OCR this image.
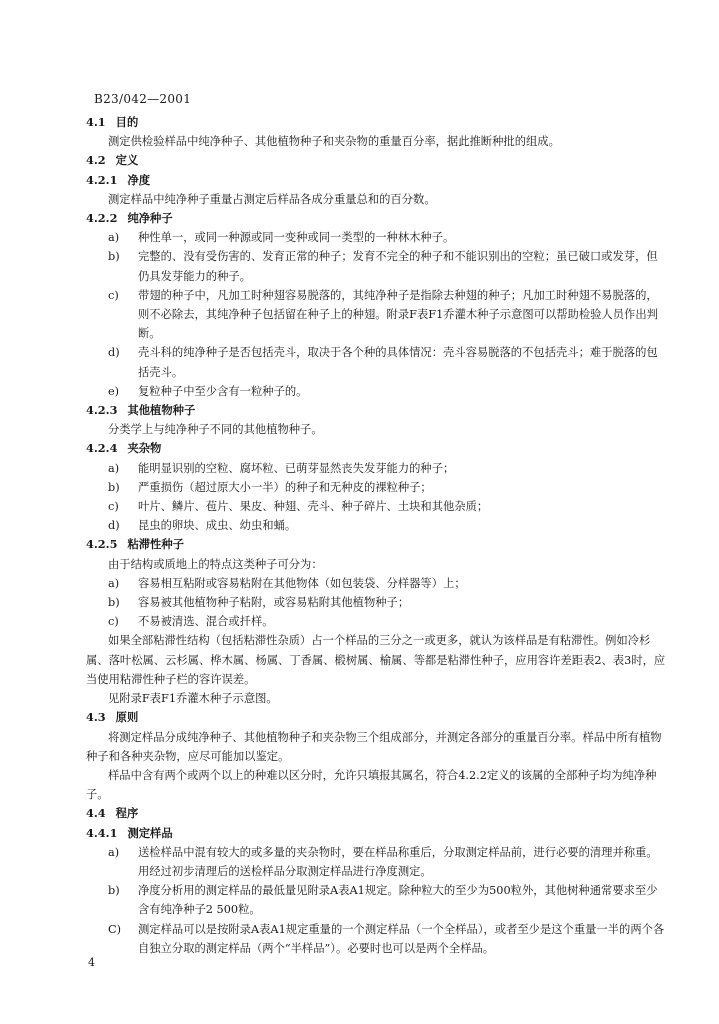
B23/042—2001
4.1 目的
测定供检验样品中纯净种子、其他植物种子和夹杂物的重量百分率，据此推断种批的组成。
4.2 定义
4.2.1 净度
测定样品中纯净种子重量占测定后样品各成分重量总和的百分数。
4.2.2 纯净种子
a) 种性单一，或同一种源或同一变种或同一类型的一种林木种子。
b) 完整的、没有受伤害的、发育正常的种子；发育不完全的种子和不能识别出的空粒；虽已破口或发芽，但仍具发芽能力的种子。
c) 带翅的种子中，凡加工时种翅容易脱落的，其纯净种子是指除去种翅的种子；凡加工时种翅不易脱落的，则不必除去，其纯净种子包括留在种子上的种翅。附录F表F1乔灌木种子示意图可以帮助检验人员作出判断。
d) 壳斗科的纯净种子是否包括壳斗，取决于各个种的具体情况：壳斗容易脱落的不包括壳斗；难于脱落的包括壳斗。
e) 复粒种子中至少含有一粒种子的。
4.2.3 其他植物种子
分类学上与纯净种子不同的其他植物种子。
4.2.4 夹杂物
a) 能明显识别的空粒、腐坏粒、已萌芽显然丧失发芽能力的种子；
b) 严重损伤（超过原大小一半）的种子和无种皮的裸粒种子；
c) 叶片、鳞片、苞片、果皮、种翅、壳斗、种子碎片、土块和其他杂质；
d) 昆虫的卵块、成虫、幼虫和蛹。
4.2.5 粘滞性种子
由于结构或质地上的特点这类种子可分为：
a) 容易相互粘附或容易粘附在其他物体（如包装袋、分样器等）上；
b) 容易被其他植物种子粘附，或容易粘附其他植物种子；
c) 不易被清选、混合或扦样。
如果全部粘滞性结构（包括粘滞性杂质）占一个样品的三分之一或更多，就认为该样品是有粘滞性。例如冷杉属、落叶松属、云杉属、桦木属、杨属、丁香属、椴树属、榆属、等都是粘滞性种子，应用容许差距表2、表3时，应当使用粘滞性种子栏的容许误差。
见附录F表F1乔灌木种子示意图。
4.3 原则
将测定样品分成纯净种子、其他植物种子和夹杂物三个组成部分，并测定各部分的重量百分率。样品中所有植物种子和各种夹杂物，应尽可能加以鉴定。
样品中含有两个或两个以上的种难以区分时，允许只填报其属名，符合4.2.2定义的该属的全部种子均为纯净种子。
4.4 程序
4.4.1 测定样品
a) 送检样品中混有较大的或多量的夹杂物时，要在样品称重后，分取测定样品前，进行必要的清理并称重。用经过初步清理后的送检样品分取测定样品进行净度测定。
b) 净度分析用的测定样品的最低量见附录A表A1规定。除种粒大的至少为500粒外，其他树种通常要求至少含有纯净种子2 500粒。
C) 测定样品可以是按附录A表A1规定重量的一个测定样品（一个全样品），或者至少是这个重量一半的两个各自独立分取的测定样品（两个“半样品”）。必要时也可以是两个全样品。
4
